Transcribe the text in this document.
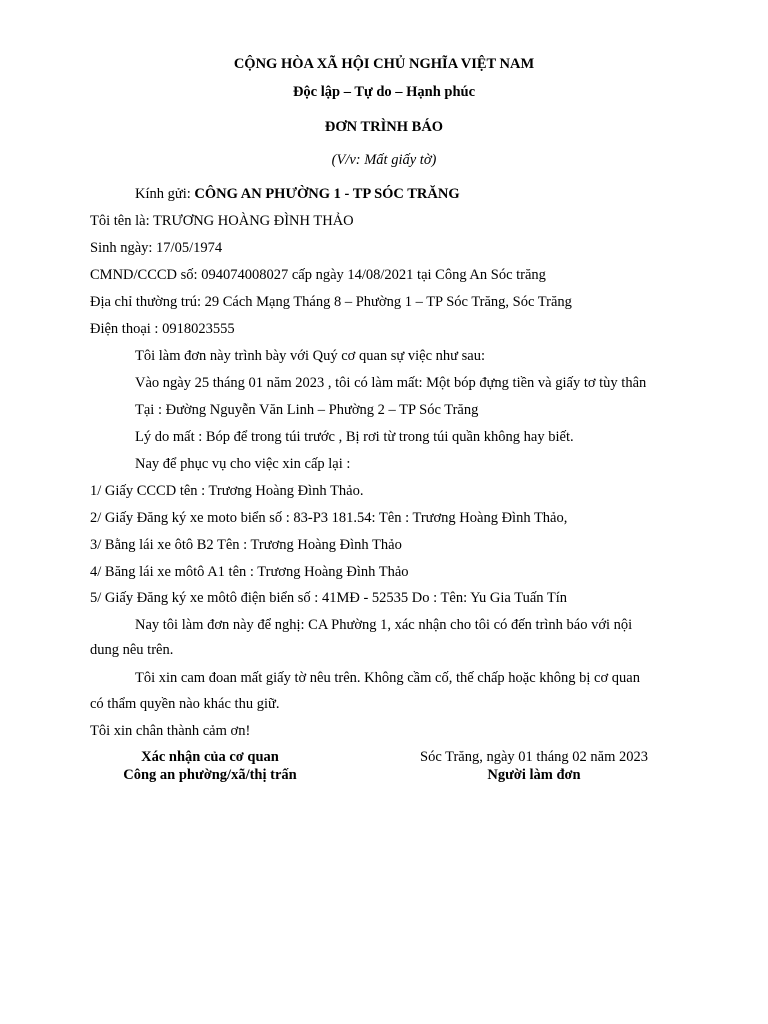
CỘNG HÒA XÃ HỘI CHỦ NGHĨA VIỆT NAM
Độc lập – Tự do – Hạnh phúc
ĐƠN TRÌNH BÁO
(V/v: Mất giấy tờ)
Kính gửi: CÔNG AN PHƯỜNG 1 - TP SÓC TRĂNG
Tôi tên là: TRƯƠNG HOÀNG ĐÌNH THẢO
Sinh ngày: 17/05/1974
CMND/CCCD số: 094074008027 cấp ngày 14/08/2021 tại Công An Sóc trăng
Địa chỉ thường trú: 29 Cách Mạng Tháng 8 – Phường 1 – TP Sóc Trăng, Sóc Trăng
Điện thoại : 0918023555
Tôi làm đơn này trình bày với Quý cơ quan sự việc như sau:
Vào ngày 25 tháng 01 năm 2023 , tôi có làm mất: Một bóp đựng tiền và giấy tơ tùy thân
Tại : Đường Nguyễn Văn Linh – Phường 2 – TP Sóc Trăng
Lý do mất : Bóp để trong túi trước , Bị rơi từ trong túi quần không hay biết.
Nay để phục vụ cho việc xin cấp lại :
1/ Giấy CCCD tên : Trương Hoàng Đình Thảo.
2/ Giấy Đăng ký xe moto biển số : 83-P3 181.54: Tên : Trương Hoàng Đình Thảo,
3/ Bằng lái xe ôtô B2 Tên : Trương Hoàng Đình Thảo
4/ Băng lái xe môtô A1 tên : Trương Hoàng Đình Thảo
5/ Giấy Đăng ký xe môtô điện biển số : 41MĐ - 52535 Do : Tên: Yu Gia Tuấn Tín
Nay tôi làm đơn này để nghị: CA Phường 1, xác nhận cho tôi có đến trình báo với nội
dung nêu trên.
Tôi xin cam đoan mất giấy tờ nêu trên. Không cầm cố, thế chấp hoặc không bị cơ quan
có thẩm quyền nào khác thu giữ.
Tôi xin chân thành cảm ơn!
Xác nhận của cơ quan
Công an phường/xã/thị trấn
Sóc Trăng, ngày 01 tháng 02 năm 2023
Người làm đơn
